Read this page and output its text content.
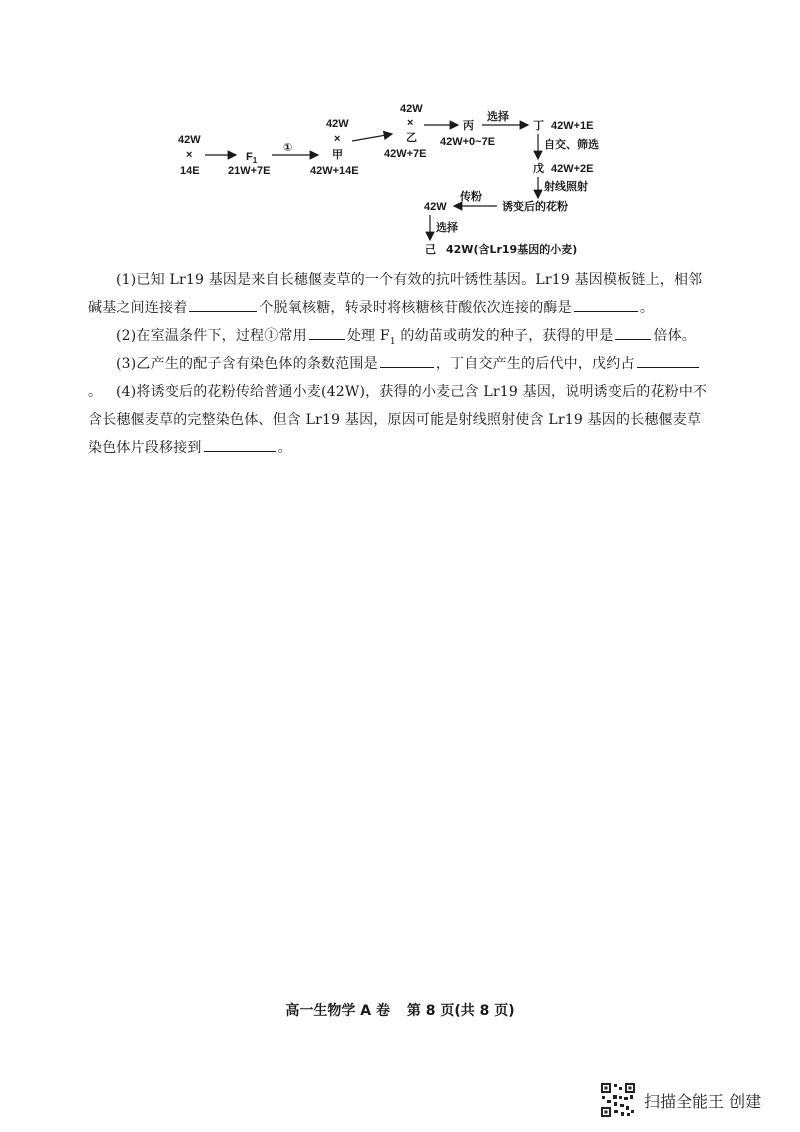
42W
×
14E
$F_1$
21W+7E
①
42W
×
甲
42W+14E
42W
×
乙
42W+7E
丙
42W+0~7E
选择
丁 42W+1E
自交、筛选
戊 42W+2E
射线照射
诱变后的花粉
传粉
42W
选择
己 42W(含Lr19基因的小麦)
(1)已知 Lr19 基因是来自长穗偃麦草的一个有效的抗叶锈性基因。Lr19 基因模板链上，相邻碱基之间连接着	个脱氧核糖，转录时将核糖核苷酸依次连接的酶是	。
(2)在室温条件下，过程①常用	处理 $F_1$ 的幼苗或萌发的种子，获得的甲是	倍体。
(3)乙产生的配子含有染色体的条数范围是	，丁自交产生的后代中，戊约占。 (4)将诱变后的花粉传给普通小麦(42W)，获得的小麦己含 Lr19 基因，说明诱变后的花粉中不含长穗偃麦草的完整染色体、但含 Lr19 基因，原因可能是射线照射使含 Lr19 基因的长穗偃麦草染色体片段移接到	。
高一生物学 A 卷 第 8 页(共 8 页)
扫描全能王 创建
